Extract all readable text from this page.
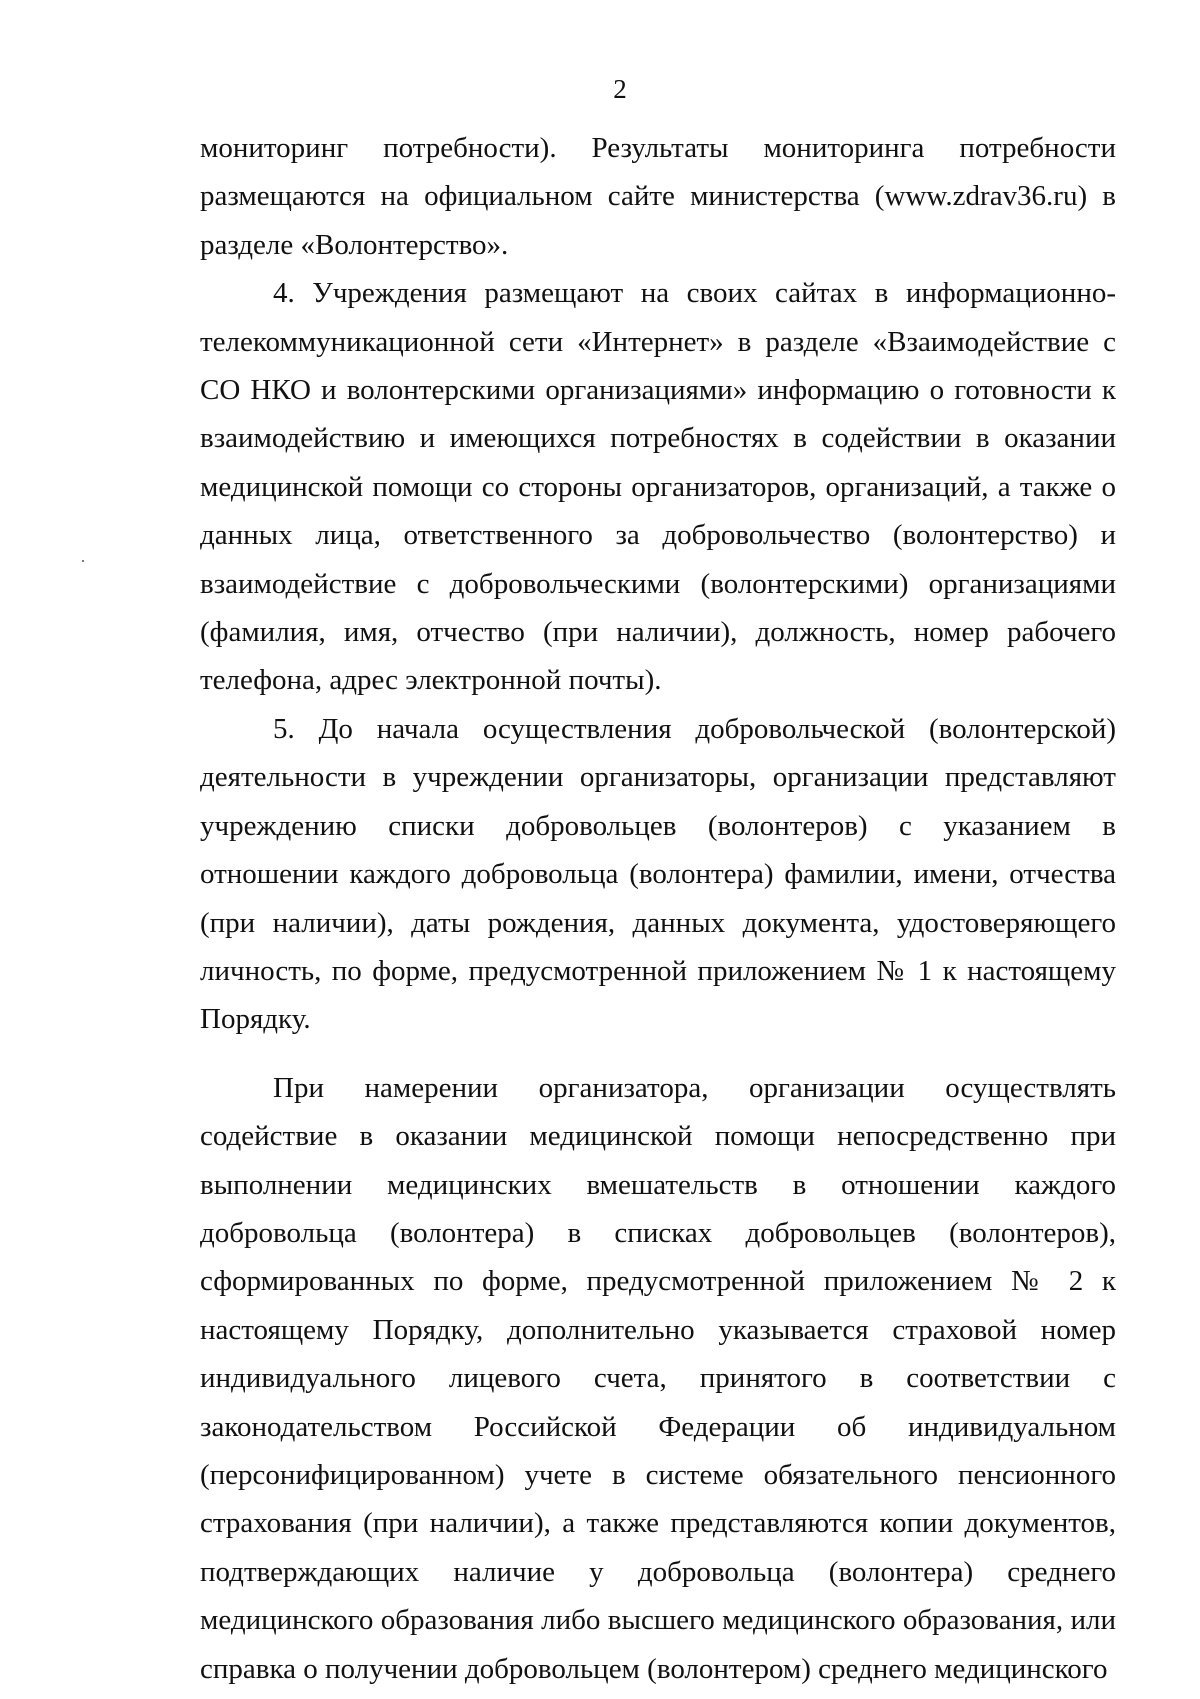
2

мониторинг потребности). Результаты мониторинга потребности размещаются на официальном сайте министерства (www.zdrav36.ru) в разделе «Волонтерство».

4. Учреждения размещают на своих сайтах в информационно-телекоммуникационной сети «Интернет» в разделе «Взаимодействие с СО НКО и волонтерскими организациями» информацию о готовности к взаимодействию и имеющихся потребностях в содействии в оказании медицинской помощи со стороны организаторов, организаций, а также о данных лица, ответственного за добровольчество (волонтерство) и взаимодействие с добровольческими (волонтерскими) организациями (фамилия, имя, отчество (при наличии), должность, номер рабочего телефона, адрес электронной почты).

5. До начала осуществления добровольческой (волонтерской) деятельности в учреждении организаторы, организации представляют учреждению списки добровольцев (волонтеров) с указанием в отношении каждого добровольца (волонтера) фамилии, имени, отчества (при наличии), даты рождения, данных документа, удостоверяющего личность, по форме, предусмотренной приложением № 1 к настоящему Порядку.

При намерении организатора, организации осуществлять содействие в оказании медицинской помощи непосредственно при выполнении медицинских вмешательств в отношении каждого добровольца (волонтера) в списках добровольцев (волонтеров), сформированных по форме, предусмотренной приложением № 2 к настоящему Порядку, дополнительно указывается страховой номер индивидуального лицевого счета, принятого в соответствии с законодательством Российской Федерации об индивидуальном (персонифицированном) учете в системе обязательного пенсионного страхования (при наличии), а также представляются копии документов, подтверждающих наличие у добровольца (волонтера) среднего медицинского образования либо высшего медицинского образования, или справка о получении добровольцем (волонтером) среднего медицинского
